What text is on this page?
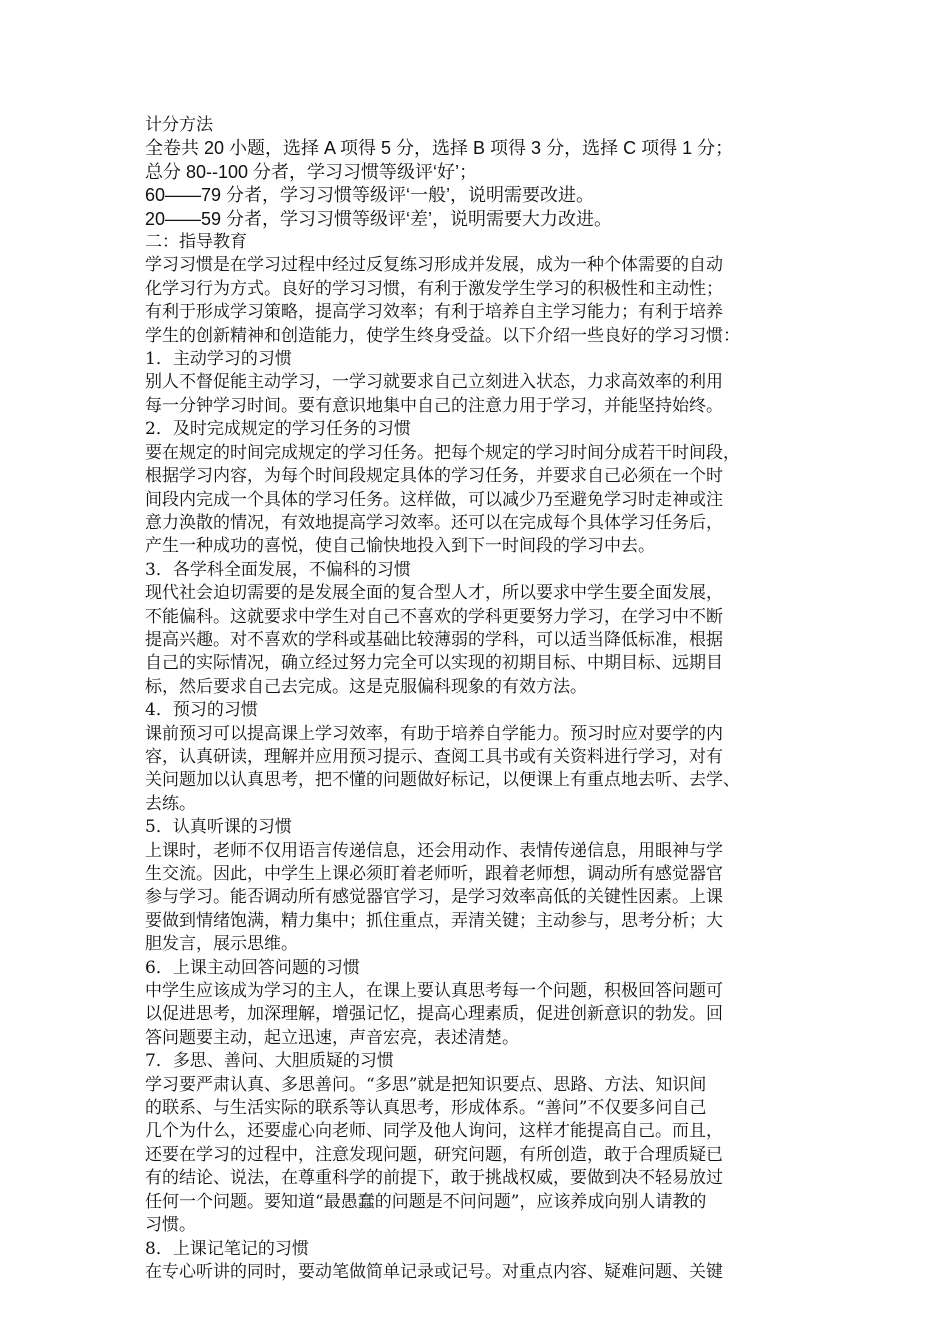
计分方法
全卷共 20 小题，选择 A 项得 5 分，选择 B 项得 3 分，选择 C 项得 1 分；
总分 80--100 分者，学习习惯等级评‘好’；
60——79 分者，学习习惯等级评‘一般’，说明需要改进。
20——59 分者，学习习惯等级评‘差’，说明需要大力改进。
二：指导教育
学习习惯是在学习过程中经过反复练习形成并发展，成为一种个体需要的自动
化学习行为方式。良好的学习习惯，有利于激发学生学习的积极性和主动性；
有利于形成学习策略，提高学习效率；有利于培养自主学习能力；有利于培养
学生的创新精神和创造能力，使学生终身受益。以下介绍一些良好的学习习惯：
1．主动学习的习惯
别人不督促能主动学习，一学习就要求自己立刻进入状态，力求高效率的利用
每一分钟学习时间。要有意识地集中自己的注意力用于学习，并能坚持始终。
2．及时完成规定的学习任务的习惯
要在规定的时间完成规定的学习任务。把每个规定的学习时间分成若干时间段，
根据学习内容，为每个时间段规定具体的学习任务，并要求自己必须在一个时
间段内完成一个具体的学习任务。这样做，可以减少乃至避免学习时走神或注
意力涣散的情况，有效地提高学习效率。还可以在完成每个具体学习任务后，
产生一种成功的喜悦，使自己愉快地投入到下一时间段的学习中去。
3．各学科全面发展，不偏科的习惯
现代社会迫切需要的是发展全面的复合型人才，所以要求中学生要全面发展，
不能偏科。这就要求中学生对自己不喜欢的学科更要努力学习，在学习中不断
提高兴趣。对不喜欢的学科或基础比较薄弱的学科，可以适当降低标准，根据
自己的实际情况，确立经过努力完全可以实现的初期目标、中期目标、远期目
标，然后要求自己去完成。这是克服偏科现象的有效方法。
4．预习的习惯
课前预习可以提高课上学习效率，有助于培养自学能力。预习时应对要学的内
容，认真研读，理解并应用预习提示、查阅工具书或有关资料进行学习，对有
关问题加以认真思考，把不懂的问题做好标记，以便课上有重点地去听、去学、
去练。
5．认真听课的习惯
上课时，老师不仅用语言传递信息，还会用动作、表情传递信息，用眼神与学
生交流。因此，中学生上课必须盯着老师听，跟着老师想，调动所有感觉器官
参与学习。能否调动所有感觉器官学习，是学习效率高低的关键性因素。上课
要做到情绪饱满，精力集中；抓住重点，弄清关键；主动参与，思考分析；大
胆发言，展示思维。
6．上课主动回答问题的习惯
中学生应该成为学习的主人，在课上要认真思考每一个问题，积极回答问题可
以促进思考，加深理解，增强记忆，提高心理素质，促进创新意识的勃发。回
答问题要主动，起立迅速，声音宏亮，表述清楚。
7．多思、善问、大胆质疑的习惯
学习要严肃认真、多思善问。“多思”就是把知识要点、思路、方法、知识间
的联系、与生活实际的联系等认真思考，形成体系。“善问”不仅要多问自己
几个为什么，还要虚心向老师、同学及他人询问，这样才能提高自己。而且，
还要在学习的过程中，注意发现问题，研究问题，有所创造，敢于合理质疑已
有的结论、说法，在尊重科学的前提下，敢于挑战权威，要做到决不轻易放过
任何一个问题。要知道“最愚蠢的问题是不问问题”，应该养成向别人请教的
习惯。
8．上课记笔记的习惯
在专心听讲的同时，要动笔做简单记录或记号。对重点内容、疑难问题、关键
